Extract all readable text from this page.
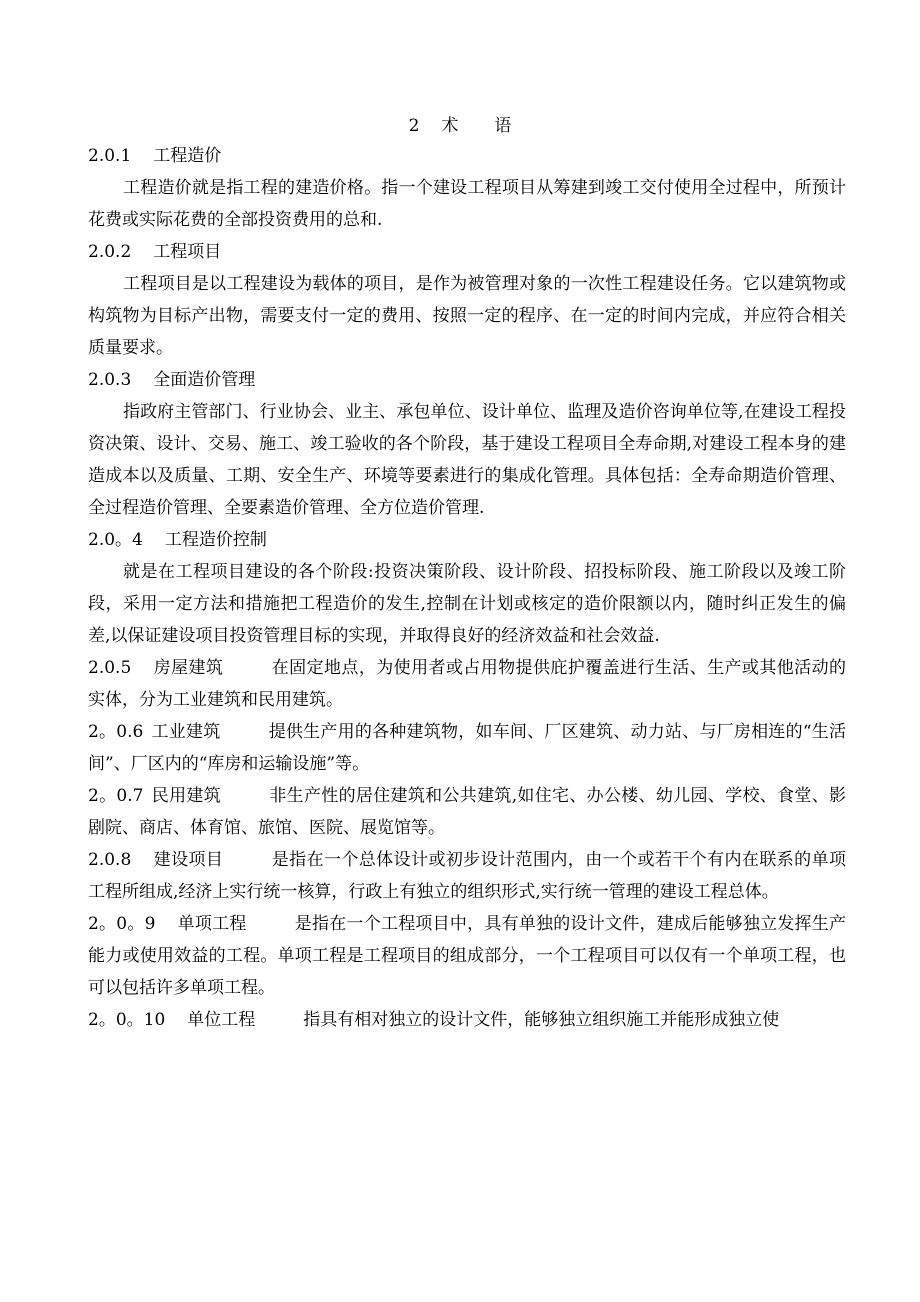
2 术 语
2.0.1 工程造价
工程造价就是指工程的建造价格。指一个建设工程项目从筹建到竣工交付使用全过程中，所预计花费或实际花费的全部投资费用的总和.
2.0.2 工程项目
工程项目是以工程建设为载体的项目，是作为被管理对象的一次性工程建设任务。它以建筑物或构筑物为目标产出物，需要支付一定的费用、按照一定的程序、在一定的时间内完成，并应符合相关质量要求。
2.0.3 全面造价管理
指政府主管部门、行业协会、业主、承包单位、设计单位、监理及造价咨询单位等,在建设工程投资决策、设计、交易、施工、竣工验收的各个阶段，基于建设工程项目全寿命期,对建设工程本身的建造成本以及质量、工期、安全生产、环境等要素进行的集成化管理。具体包括：全寿命期造价管理、全过程造价管理、全要素造价管理、全方位造价管理.
2.0。4 工程造价控制
就是在工程项目建设的各个阶段:投资决策阶段、设计阶段、招投标阶段、施工阶段以及竣工阶段，采用一定方法和措施把工程造价的发生,控制在计划或核定的造价限额以内，随时纠正发生的偏差,以保证建设项目投资管理目标的实现，并取得良好的经济效益和社会效益.
2.0.5 房屋建筑	在固定地点，为使用者或占用物提供庇护覆盖进行生活、生产或其他活动的实体，分为工业建筑和民用建筑。
2。0.6 工业建筑	提供生产用的各种建筑物，如车间、厂区建筑、动力站、与厂房相连的“生活间”、厂区内的“库房和运输设施”等。
2。0.7 民用建筑	非生产性的居住建筑和公共建筑,如住宅、办公楼、幼儿园、学校、食堂、影剧院、商店、体育馆、旅馆、医院、展览馆等。
2.0.8 建设项目	是指在一个总体设计或初步设计范围内，由一个或若干个有内在联系的单项工程所组成,经济上实行统一核算，行政上有独立的组织形式,实行统一管理的建设工程总体。
2。0。9 单项工程	是指在一个工程项目中，具有单独的设计文件，建成后能够独立发挥生产能力或使用效益的工程。单项工程是工程项目的组成部分，一个工程项目可以仅有一个单项工程，也可以包括许多单项工程。
2。0。10 单位工程	指具有相对独立的设计文件，能够独立组织施工并能形成独立使
